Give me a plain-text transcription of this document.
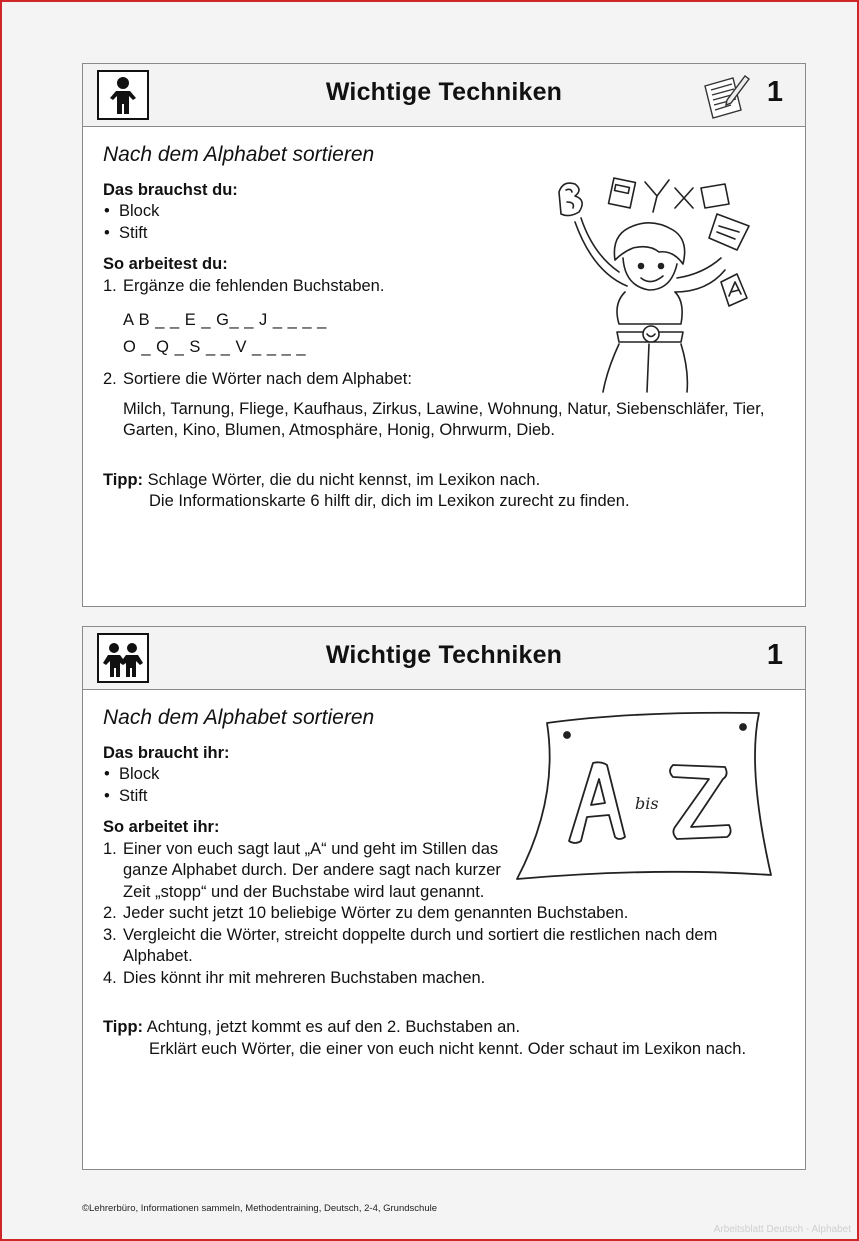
Wichtige Techniken	1

Nach dem Alphabet sortieren

Das brauchst du:

• Block
• Stift

So arbeitest du:

1. Ergänze die fehlenden Buchstaben.
A B _ _ E _ G_ _ J _ _ _ _
O _ Q _ S _ _ V _ _ _ _
2. Sortiere die Wörter nach dem Alphabet:

Milch, Tarnung, Fliege, Kaufhaus, Zirkus, Lawine, Wohnung, Natur, Siebenschläfer, Tier, Garten, Kino, Blumen, Atmosphäre, Honig, Ohrwurm, Dieb.

Tipp: Schlage Wörter, die du nicht kennst, im Lexikon nach.
Die Informationskarte 6 hilft dir, dich im Lexikon zurecht zu finden.
Wichtige Techniken	1
bis

Nach dem Alphabet sortieren

Das braucht ihr:

• Block
• Stift

So arbeitet ihr:

1. Einer von euch sagt laut „A“ und geht im Stillen das ganze Alphabet durch. Der andere sagt nach kurzer Zeit „stopp“ und der Buchstabe wird laut genannt.
2. Jeder sucht jetzt 10 beliebige Wörter zu dem genannten Buchstaben.
3. Vergleicht die Wörter, streicht doppelte durch und sortiert die restlichen nach dem Alphabet.
4. Dies könnt ihr mit mehreren Buchstaben machen.
Tipp: Achtung, jetzt kommt es auf den 2. Buchstaben an.
Erklärt euch Wörter, die einer von euch nicht kennt. Oder schaut im Lexikon nach.
©Lehrerbüro, Informationen sammeln, Methodentraining, Deutsch, 2-4, Grundschule
Arbeitsblatt Deutsch - Alphabet
